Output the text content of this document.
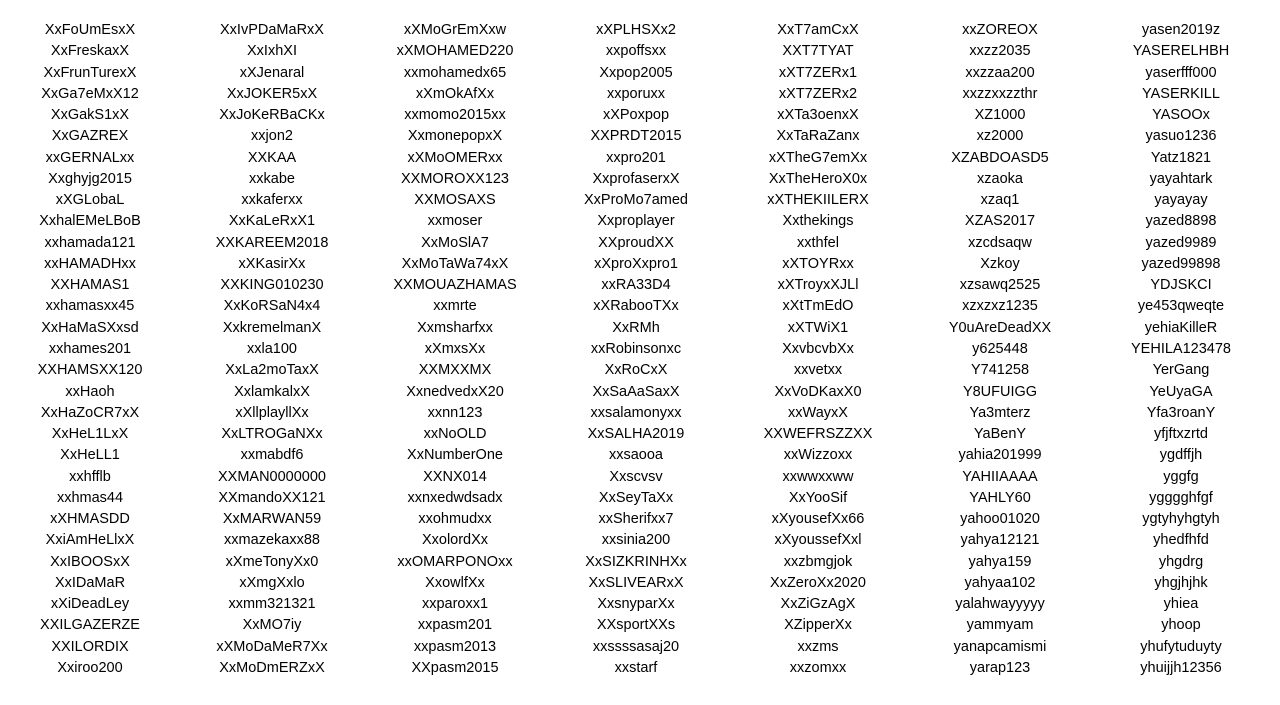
XxFoUmEsxX
XxFreskaxX
XxFrunTurexX
XxGa7eMxX12
XxGakS1xX
XxGAZREX
xxGERNALxx
Xxghyjg2015
xXGLobaL
XxhalEMeLBoB
xxhamada121
xxHAMADHxx
XXHAMAS1
xxhamasxx45
XxHaMaSXxsd
xxhames201
XXHAMSXX120
xxHaoh
XxHaZoCR7xX
XxHeL1LxX
XxHeLL1
xxhfflb
xxhmas44
xXHMASDD
XxiAmHeLlxX
XxIBOOSxX
XxIDaMaR
xXiDeadLey
XXILGAZERZE
XXILORDIX
Xxiroo200
XxIvPDaMaRxX
XxIxhXI
xXJenaral
XxJOKER5xX
XxJoKeRBaCKx
xxjon2
XXKAA
xxkabe
xxkaferxx
XxKaLeRxX1
XXKAREEM2018
xXKasirXx
XXKING010230
XxKoRSaN4x4
XxkremelmanX
xxla100
XxLa2moTaxX
XxlamkalxX
xXllplayllXx
XxLTROGaNXx
xxmabdf6
XXMAN0000000
XXmandoXX121
XxMARWAN59
xxmazekaxx88
xXmeTonyXx0
xXmgXxlo
xxmm321321
XxMO7iy
xXMoDaMeR7Xx
XxMoDmERZxX
xXMoGrEmXxw
xXMOHAMED220
xxmohamedx65
xXmOkAfXx
xxmomo2015xx
XxmonepopxX
xXMoOMERxx
XXMOROXX123
XXMOSAXS
xxmoser
XxMoSlA7
XxMoTaWa74xX
XXMOUAZHAMAS
xxmrte
Xxmsharfxx
xXmxsXx
XXMXXMX
XxnedvedxX20
xxnn123
xxNoOLD
XxNumberOne
XXNX014
xxnxedwdsadx
xxohmudxx
XxolordXx
xxOMARPONOxx
XxowlfXx
xxparoxx1
xxpasm201
xxpasm2013
XXpasm2015
xXPLHSXx2
xxpoffsxx
Xxpop2005
xxporuxx
xXPoxpop
XXPRDT2015
xxpro201
XxprofaserxX
XxProMo7amed
Xxproplayer
XXproudXX
xXproXxpro1
xxRA33D4
xXRabooTXx
XxRMh
xxRobinsonxc
XxRoCxX
XxSaAaSaxX
xxsalamonyxx
XxSALHA2019
xxsaooa
Xxscvsv
XxSeyTaXx
xxSherifxx7
xxsinia200
XxSIZKRINHXx
XxSLIVEARxX
XxsnyparXx
XXsportXXs
xxssssasaj20
xxstarf
XxT7amCxX
XXT7TYAT
xXT7ZERx1
xXT7ZERx2
xXTa3oenxX
XxTaRaZanx
xXTheG7emXx
XxTheHeroX0x
xXTHEKIILERX
Xxthekings
xxthfel
xXTOYRxx
xXTroyxXJLl
xXtTmEdO
xXTWiX1
XxvbcvbXx
xxvetxx
XxVoDKaxX0
xxWayxX
XXWEFRSZZXX
xxWizzoxx
xxwwxxww
XxYooSif
xXyousefXx66
xXyoussefXxl
xxzbmgjok
XxZeroXx2020
XxZiGzAgX
XZipperXx
xxzms
xxzomxx
xxZOREOX
xxzz2035
xxzzaa200
xxzzxxzzthr
XZ1000
xz2000
XZABDOASD5
xzaoka
xzaq1
XZAS2017
xzcdsaqw
Xzkoy
xzsawq2525
xzxzxz1235
Y0uAreDeadXX
y625448
Y741258
Y8UFUIGG
Ya3mterz
YaBenY
yahia201999
YAHIIAAAA
YAHLY60
yahoo01020
yahya12121
yahya159
yahyaa102
yalahwayyyyy
yammyam
yanapcamismi
yarap123
yasen2019z
YASERELHBH
yaserfff000
YASERKILL
YASOOx
yasuo1236
Yatz1821
yayahtark
yayayay
yazed8898
yazed9989
yazed99898
YDJSKCI
ye453qweqte
yehiaKilleR
YEHILA123478
YerGang
YeUyaGA
Yfa3roanY
yfjftxzrtd
ygdffjh
yggfg
ygggghfgf
ygtyhyhgtyh
yhedfhfd
yhgdrg
yhgjhjhk
yhiea
yhoop
yhufytuduyty
yhuijjh12356
